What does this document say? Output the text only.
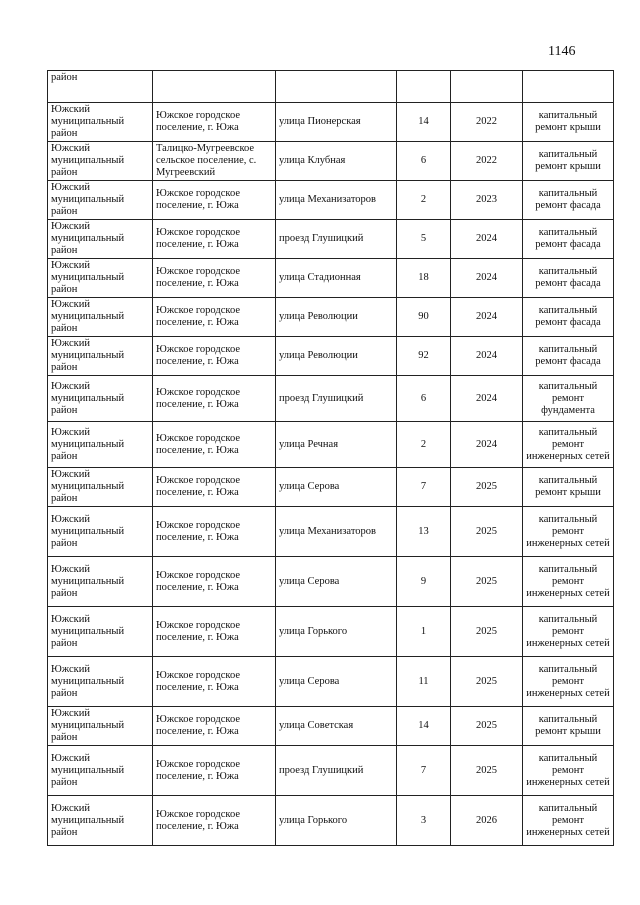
1146
район					
Южский муниципальный район	Южское городское поселение, г. Южа	улица Пионерская	14	2022	капитальный ремонт крыши
Южский муниципальный район	Талицко-Мугреевское сельское поселение, с. Мугреевский	улица Клубная	6	2022	капитальный ремонт крыши
Южский муниципальный район	Южское городское поселение, г. Южа	улица Механизаторов	2	2023	капитальный ремонт фасада
Южский муниципальный район	Южское городское поселение, г. Южа	проезд Глушицкий	5	2024	капитальный ремонт фасада
Южский муниципальный район	Южское городское поселение, г. Южа	улица Стадионная	18	2024	капитальный ремонт фасада
Южский муниципальный район	Южское городское поселение, г. Южа	улица Революции	90	2024	капитальный ремонт фасада
Южский муниципальный район	Южское городское поселение, г. Южа	улица Революции	92	2024	капитальный ремонт фасада
Южский муниципальный район	Южское городское поселение, г. Южа	проезд Глушицкий	6	2024	капитальный ремонт фундамента
Южский муниципальный район	Южское городское поселение, г. Южа	улица Речная	2	2024	капитальный ремонт инженерных сетей
Южский муниципальный район	Южское городское поселение, г. Южа	улица Серова	7	2025	капитальный ремонт крыши
Южский муниципальный район	Южское городское поселение, г. Южа	улица Механизаторов	13	2025	капитальный ремонт инженерных сетей
Южский муниципальный район	Южское городское поселение, г. Южа	улица Серова	9	2025	капитальный ремонт инженерных сетей
Южский муниципальный район	Южское городское поселение, г. Южа	улица Горького	1	2025	капитальный ремонт инженерных сетей
Южский муниципальный район	Южское городское поселение, г. Южа	улица Серова	11	2025	капитальный ремонт инженерных сетей
Южский муниципальный район	Южское городское поселение, г. Южа	улица Советская	14	2025	капитальный ремонт крыши
Южский муниципальный район	Южское городское поселение, г. Южа	проезд Глушицкий	7	2025	капитальный ремонт инженерных сетей
Южский муниципальный район	Южское городское поселение, г. Южа	улица Горького	3	2026	капитальный ремонт инженерных сетей
